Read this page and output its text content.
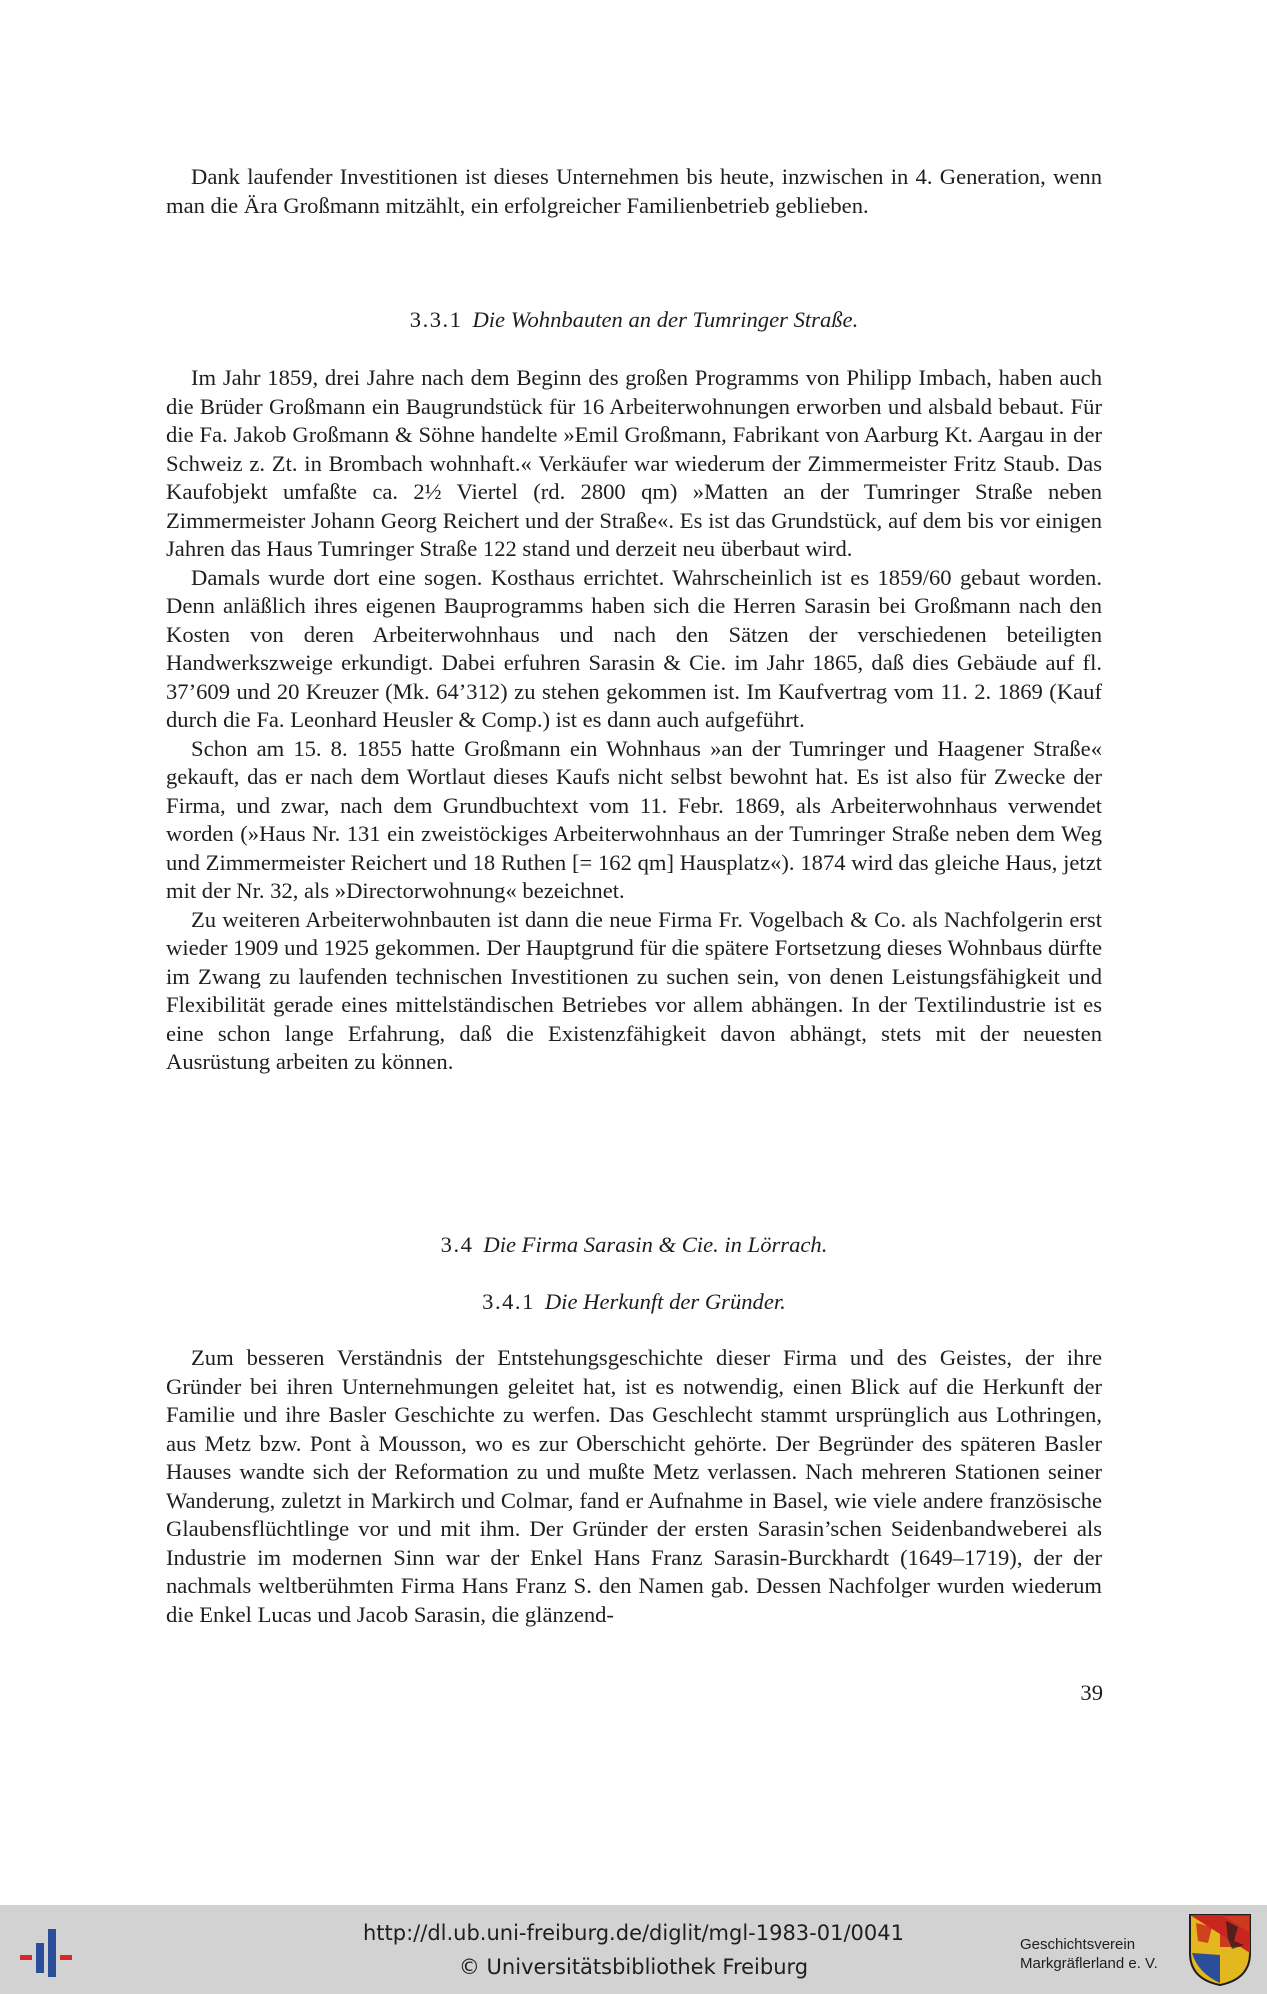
Dank laufender Investitionen ist dieses Unternehmen bis heute, inzwischen in 4. Generation, wenn man die Ära Großmann mitzählt, ein erfolgreicher Familienbetrieb geblieben.

3.3.1 Die Wohnbauten an der Tumringer Straße.

Im Jahr 1859, drei Jahre nach dem Beginn des großen Programms von Philipp Imbach, haben auch die Brüder Großmann ein Baugrundstück für 16 Arbeiterwohnungen erworben und alsbald bebaut. Für die Fa. Jakob Großmann & Söhne handelte »Emil Großmann, Fabrikant von Aarburg Kt. Aargau in der Schweiz z. Zt. in Brombach wohnhaft.« Verkäufer war wiederum der Zimmermeister Fritz Staub. Das Kaufobjekt umfaßte ca. 2½ Viertel (rd. 2800 qm) »Matten an der Tumringer Straße neben Zimmermeister Johann Georg Reichert und der Straße«. Es ist das Grundstück, auf dem bis vor einigen Jahren das Haus Tumringer Straße 122 stand und derzeit neu überbaut wird.

Damals wurde dort eine sogen. Kosthaus errichtet. Wahrscheinlich ist es 1859/60 gebaut worden. Denn anläßlich ihres eigenen Bauprogramms haben sich die Herren Sarasin bei Großmann nach den Kosten von deren Arbeiterwohnhaus und nach den Sätzen der verschiedenen beteiligten Handwerkszweige erkundigt. Dabei erfuhren Sarasin & Cie. im Jahr 1865, daß dies Gebäude auf fl. 37’609 und 20 Kreuzer (Mk. 64’312) zu stehen gekommen ist. Im Kaufvertrag vom 11. 2. 1869 (Kauf durch die Fa. Leonhard Heusler & Comp.) ist es dann auch aufgeführt.

Schon am 15. 8. 1855 hatte Großmann ein Wohnhaus »an der Tumringer und Haagener Straße« gekauft, das er nach dem Wortlaut dieses Kaufs nicht selbst bewohnt hat. Es ist also für Zwecke der Firma, und zwar, nach dem Grundbuchtext vom 11. Febr. 1869, als Arbeiterwohnhaus verwendet worden (»Haus Nr. 131 ein zweistöckiges Arbeiterwohnhaus an der Tumringer Straße neben dem Weg und Zimmermeister Reichert und 18 Ruthen [= 162 qm] Hausplatz«). 1874 wird das gleiche Haus, jetzt mit der Nr. 32, als »Directorwohnung« bezeichnet.

Zu weiteren Arbeiterwohnbauten ist dann die neue Firma Fr. Vogelbach & Co. als Nachfolgerin erst wieder 1909 und 1925 gekommen. Der Hauptgrund für die spätere Fortsetzung dieses Wohnbaus dürfte im Zwang zu laufenden technischen Investitionen zu suchen sein, von denen Leistungsfähigkeit und Flexibilität gerade eines mittelständischen Betriebes vor allem abhängen. In der Textilindustrie ist es eine schon lange Erfahrung, daß die Existenzfähigkeit davon abhängt, stets mit der neuesten Ausrüstung arbeiten zu können.

3.4 Die Firma Sarasin & Cie. in Lörrach.
3.4.1 Die Herkunft der Gründer.

Zum besseren Verständnis der Entstehungsgeschichte dieser Firma und des Geistes, der ihre Gründer bei ihren Unternehmungen geleitet hat, ist es notwendig, einen Blick auf die Herkunft der Familie und ihre Basler Geschichte zu werfen. Das Geschlecht stammt ursprünglich aus Lothringen, aus Metz bzw. Pont à Mousson, wo es zur Oberschicht gehörte. Der Begründer des späteren Basler Hauses wandte sich der Reformation zu und mußte Metz verlassen. Nach mehreren Stationen seiner Wanderung, zuletzt in Markirch und Colmar, fand er Aufnahme in Basel, wie viele andere französische Glaubensflüchtlinge vor und mit ihm. Der Gründer der ersten Sarasin’schen Seidenbandweberei als Industrie im modernen Sinn war der Enkel Hans Franz Sarasin-Burckhardt (1649–1719), der der nachmals weltberühmten Firma Hans Franz S. den Namen gab. Dessen Nachfolger wurden wiederum die Enkel Lucas und Jacob Sarasin, die glänzend-

39
http://dl.ub.uni-freiburg.de/diglit/mgl-1983-01/0041
© Universitätsbibliothek Freiburg
Geschichtsverein
Markgräflerland e. V.
